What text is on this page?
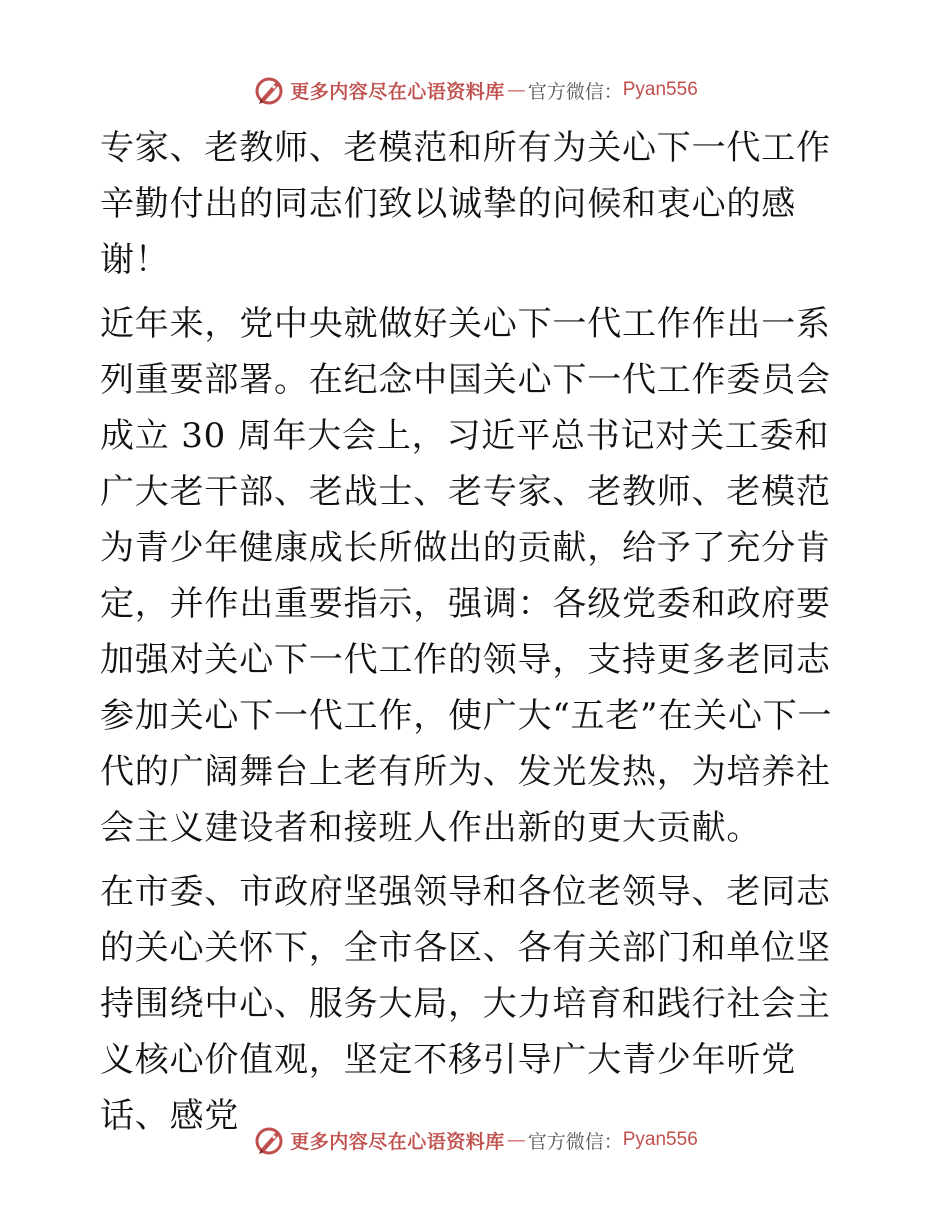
更多内容尽在心语资料库 — 官方微信： Pyan556

专家、老教师、老模范和所有为关心下一代工作辛勤付出的同志们致以诚挚的问候和衷心的感谢！

近年来，党中央就做好关心下一代工作作出一系列重要部署。在纪念中国关心下一代工作委员会成立 30 周年大会上，习近平总书记对关工委和广大老干部、老战士、老专家、老教师、老模范为青少年健康成长所做出的贡献，给予了充分肯定，并作出重要指示，强调：各级党委和政府要加强对关心下一代工作的领导，支持更多老同志参加关心下一代工作，使广大“五老”在关心下一代的广阔舞台上老有所为、发光发热，为培养社会主义建设者和接班人作出新的更大贡献。

在市委、市政府坚强领导和各位老领导、老同志的关心关怀下，全市各区、各有关部门和单位坚持围绕中心、服务大局，大力培育和践行社会主义核心价值观，坚定不移引导广大青少年听党话、感党

更多内容尽在心语资料库 — 官方微信： Pyan556
